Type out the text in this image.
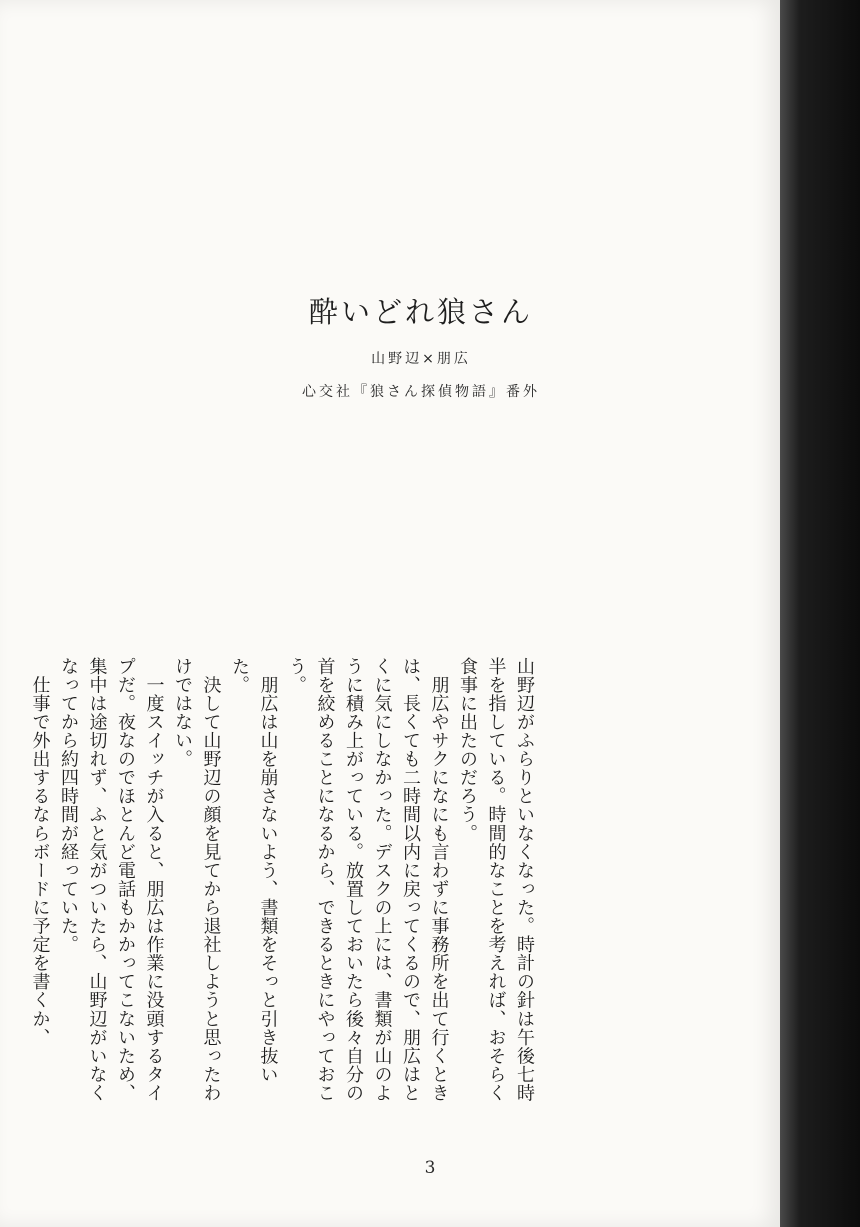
酔いどれ狼さん
山野辺×朋広
心交社『狼さん探偵物語』番外

山野辺がふらりといなくなった。時計の針は午後七時半を指している。時間的なことを考えれば、おそらく食事に出たのだろう。

　朋広やサクになにも言わずに事務所を出て行くときは、長くても二時間以内に戻ってくるので、朋広はとくに気にしなかった。デスクの上には、書類が山のように積み上がっている。放置しておいたら後々自分の首を絞めることになるから、できるときにやっておこう。

　朋広は山を崩さないよう、書類をそっと引き抜いた。

　決して山野辺の顔を見てから退社しようと思ったわけではない。

　一度スイッチが入ると、朋広は作業に没頭するタイプだ。夜なのでほとんど電話もかかってこないため、集中は途切れず、ふと気がついたら、山野辺がいなくなってから約四時間が経っていた。

　仕事で外出するならボードに予定を書くか、

3
